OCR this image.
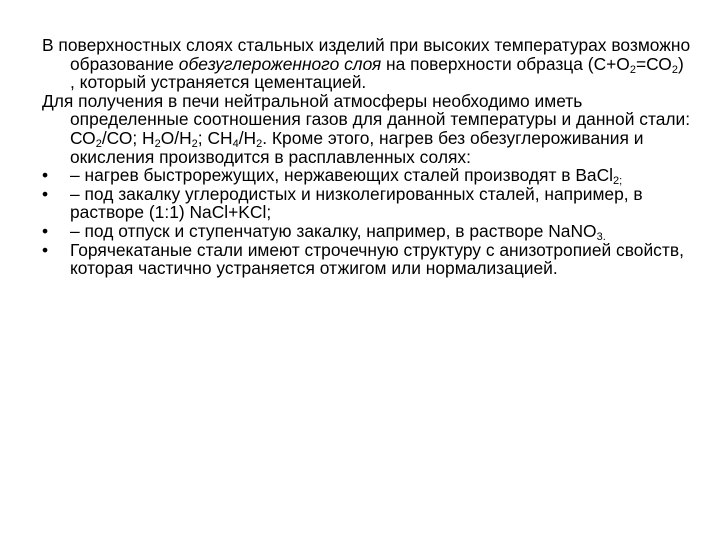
В поверхностных слоях стальных изделий при высоких температурах возможно образование обезуглероженного слоя на поверхности образца $(С+О_2=СО_2)$ , который устраняется цементацией.

Для получения в печи нейтральной атмосферы необходимо иметь определенные соотношения газов для данной температуры и данной стали: $СО_2/СО$; $Н_2О/Н_2$; $СН_4/Н_2$. Кроме этого, нагрев без обезуглероживания и окисления производится в расплавленных солях:

• – нагрев быстрорежущих, нержавеющих сталей производят в ВаСl$_{2;}$

• – под закалку углеродистых и низколегированных сталей, например, в растворе (1:1) NaCl+KCl;

• – под отпуск и ступенчатую закалку, например, в растворе NaNO$_{3.}$

• Горячекатаные стали имеют строчечную структуру с анизотропией свойств, которая частично устраняется отжигом или нормализацией.
